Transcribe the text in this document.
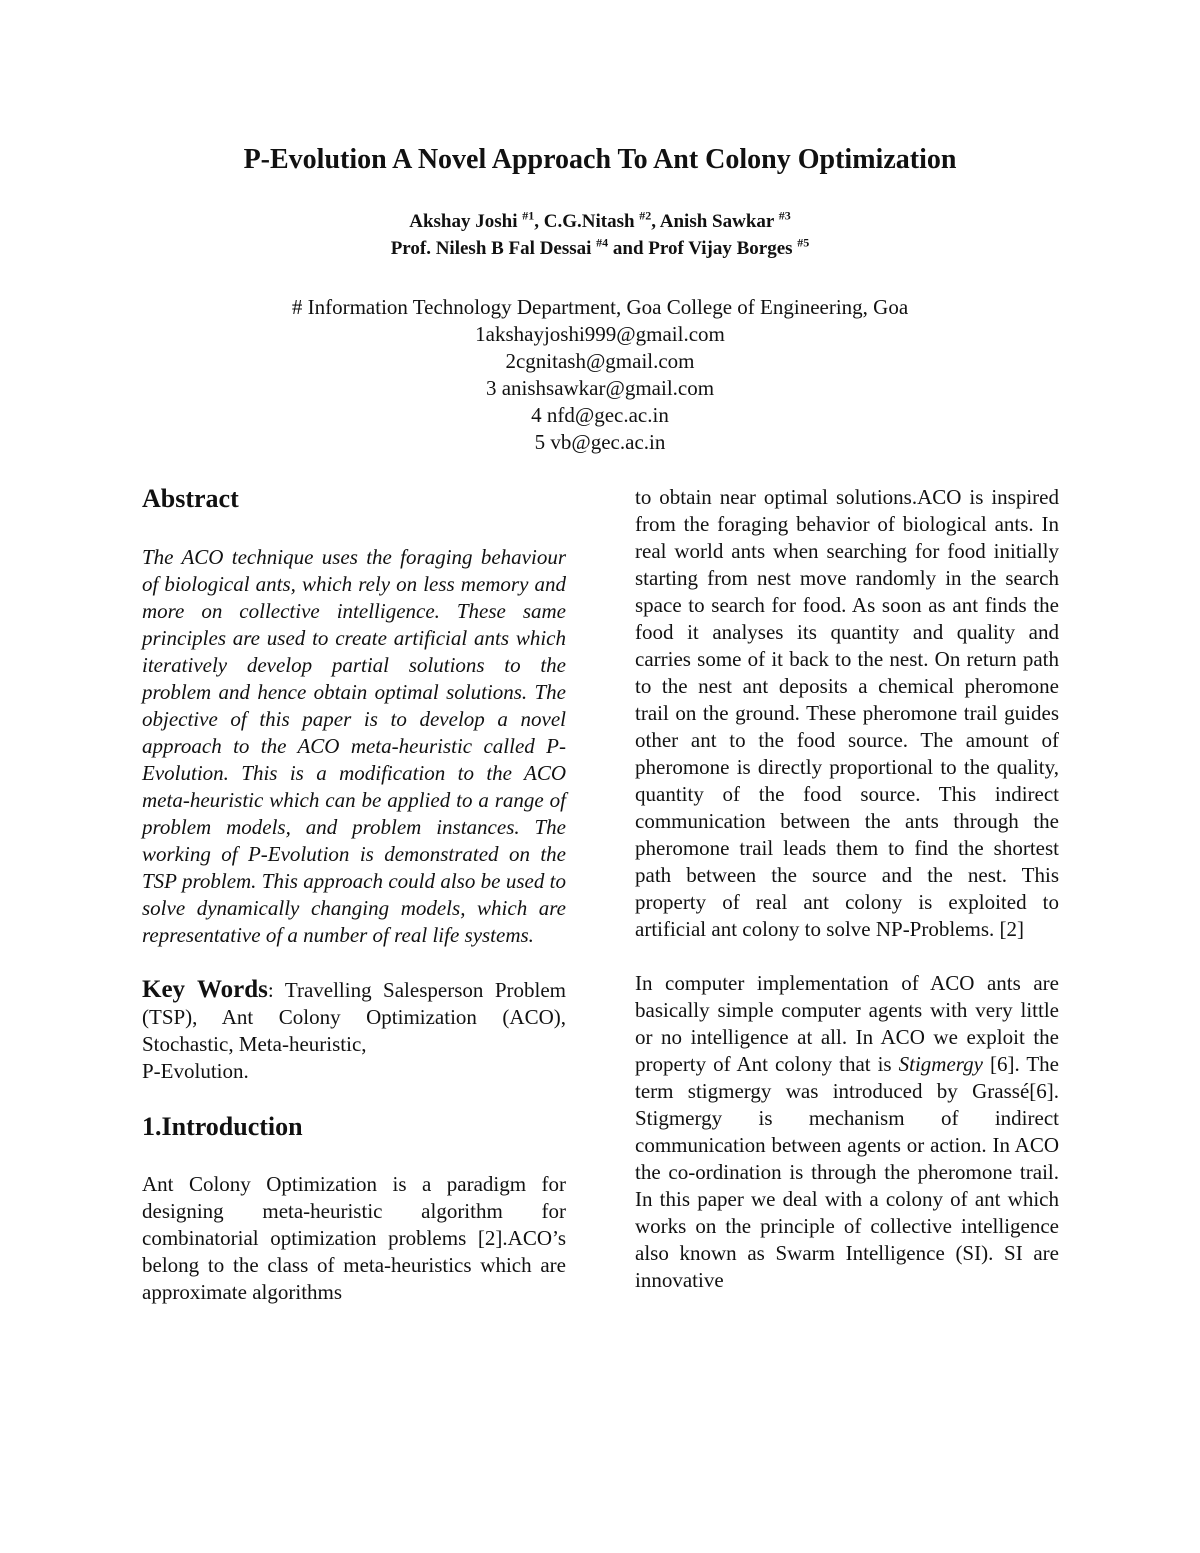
P-Evolution A Novel Approach To Ant Colony Optimization
Akshay Joshi $^{\#1}$, C.G.Nitash $^{\#2}$, Anish Sawkar $^{\#3}$
Prof. Nilesh B Fal Dessai $^{\#4}$ and Prof Vijay Borges $^{\#5}$
# Information Technology Department, Goa College of Engineering, Goa
1akshayjoshi999@gmail.com
2cgnitash@gmail.com
3 anishsawkar@gmail.com
4 nfd@gec.ac.in
5 vb@gec.ac.in
Abstract

The ACO technique uses the foraging behaviour of biological ants, which rely on less memory and more on collective intelligence. These same principles are used to create artificial ants which iteratively develop partial solutions to the problem and hence obtain optimal solutions. The objective of this paper is to develop a novel approach to the ACO meta-heuristic called P-Evolution. This is a modification to the ACO meta-heuristic which can be applied to a range of problem models, and problem instances. The working of P-Evolution is demonstrated on the TSP problem. This approach could also be used to solve dynamically changing models, which are representative of a number of real life systems.

Key Words: Travelling Salesperson Problem (TSP), Ant Colony Optimization (ACO), Stochastic, Meta-heuristic,
P-Evolution.

1.Introduction

Ant Colony Optimization is a paradigm for designing meta-heuristic algorithm for combinatorial optimization problems [2].ACO’s belong to the class of meta-heuristics which are approximate algorithms

to obtain near optimal solutions.ACO is inspired from the foraging behavior of biological ants. In real world ants when searching for food initially starting from nest move randomly in the search space to search for food. As soon as ant finds the food it analyses its quantity and quality and carries some of it back to the nest. On return path to the nest ant deposits a chemical pheromone trail on the ground. These pheromone trail guides other ant to the food source. The amount of pheromone is directly proportional to the quality, quantity of the food source. This indirect communication between the ants through the pheromone trail leads them to find the shortest path between the source and the nest. This property of real ant colony is exploited to artificial ant colony to solve NP-Problems. [2]

In computer implementation of ACO ants are basically simple computer agents with very little or no intelligence at all. In ACO we exploit the property of Ant colony that is Stigmergy [6]. The term stigmergy was introduced by Grassé[6]. Stigmergy is mechanism of indirect communication between agents or action. In ACO the co-ordination is through the pheromone trail. In this paper we deal with a colony of ant which works on the principle of collective intelligence also known as Swarm Intelligence (SI). SI are innovative
